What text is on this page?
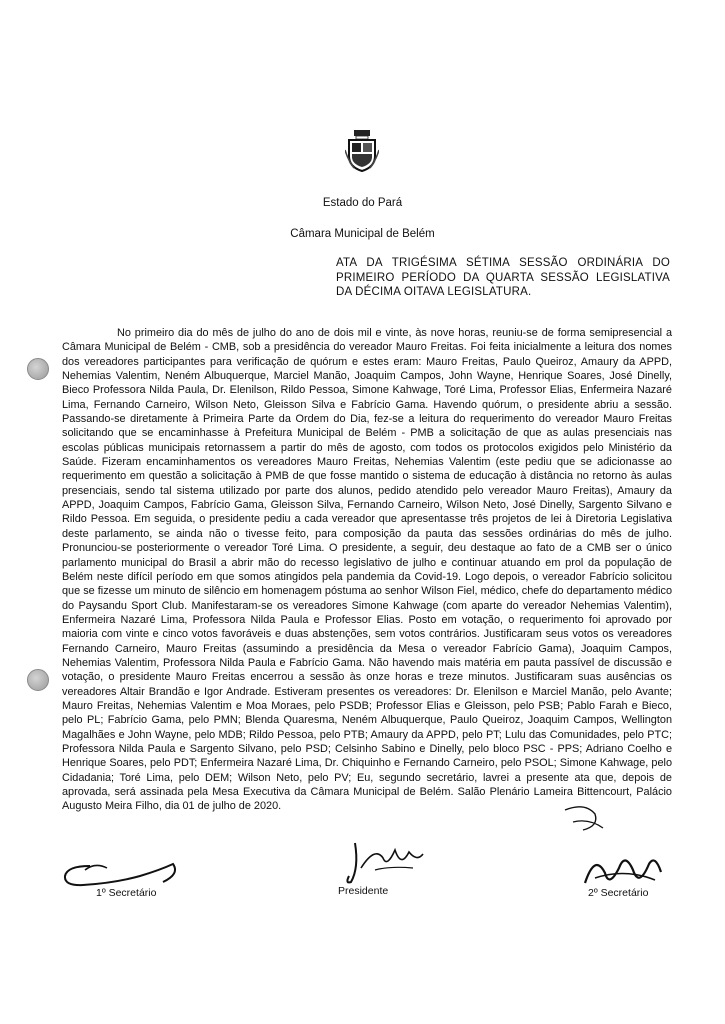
Estado do Pará
Câmara Municipal de Belém
ATA DA TRIGÉSIMA SÉTIMA SESSÃO ORDINÁRIA DO PRIMEIRO PERÍODO DA QUARTA SESSÃO LEGISLATIVA DA DÉCIMA OITAVA LEGISLATURA.

No primeiro dia do mês de julho do ano de dois mil e vinte, às nove horas, reuniu-se de forma semipresencial a Câmara Municipal de Belém - CMB, sob a presidência do vereador Mauro Freitas. Foi feita inicialmente a leitura dos nomes dos vereadores participantes para verificação de quórum e estes eram: Mauro Freitas, Paulo Queiroz, Amaury da APPD, Nehemias Valentim, Neném Albuquerque, Marciel Manão, Joaquim Campos, John Wayne, Henrique Soares, José Dinelly, Bieco Professora Nilda Paula, Dr. Elenilson, Rildo Pessoa, Simone Kahwage, Toré Lima, Professor Elias, Enfermeira Nazaré Lima, Fernando Carneiro, Wilson Neto, Gleisson Silva e Fabrício Gama. Havendo quórum, o presidente abriu a sessão. Passando-se diretamente à Primeira Parte da Ordem do Dia, fez-se a leitura do requerimento do vereador Mauro Freitas solicitando que se encaminhasse à Prefeitura Municipal de Belém - PMB a solicitação de que as aulas presenciais nas escolas públicas municipais retornassem a partir do mês de agosto, com todos os protocolos exigidos pelo Ministério da Saúde. Fizeram encaminhamentos os vereadores Mauro Freitas, Nehemias Valentim (este pediu que se adicionasse ao requerimento em questão a solicitação à PMB de que fosse mantido o sistema de educação à distância no retorno às aulas presenciais, sendo tal sistema utilizado por parte dos alunos, pedido atendido pelo vereador Mauro Freitas), Amaury da APPD, Joaquim Campos, Fabrício Gama, Gleisson Silva, Fernando Carneiro, Wilson Neto, José Dinelly, Sargento Silvano e Rildo Pessoa. Em seguida, o presidente pediu a cada vereador que apresentasse três projetos de lei à Diretoria Legislativa deste parlamento, se ainda não o tivesse feito, para composição da pauta das sessões ordinárias do mês de julho. Pronunciou-se posteriormente o vereador Toré Lima. O presidente, a seguir, deu destaque ao fato de a CMB ser o único parlamento municipal do Brasil a abrir mão do recesso legislativo de julho e continuar atuando em prol da população de Belém neste difícil período em que somos atingidos pela pandemia da Covid-19. Logo depois, o vereador Fabrício solicitou que se fizesse um minuto de silêncio em homenagem póstuma ao senhor Wilson Fiel, médico, chefe do departamento médico do Paysandu Sport Club. Manifestaram-se os vereadores Simone Kahwage (com aparte do vereador Nehemias Valentim), Enfermeira Nazaré Lima, Professora Nilda Paula e Professor Elias. Posto em votação, o requerimento foi aprovado por maioria com vinte e cinco votos favoráveis e duas abstenções, sem votos contrários. Justificaram seus votos os vereadores Fernando Carneiro, Mauro Freitas (assumindo a presidência da Mesa o vereador Fabrício Gama), Joaquim Campos, Nehemias Valentim, Professora Nilda Paula e Fabrício Gama. Não havendo mais matéria em pauta passível de discussão e votação, o presidente Mauro Freitas encerrou a sessão às onze horas e treze minutos. Justificaram suas ausências os vereadores Altair Brandão e Igor Andrade. Estiveram presentes os vereadores: Dr. Elenilson e Marciel Manão, pelo Avante; Mauro Freitas, Nehemias Valentim e Moa Moraes, pelo PSDB; Professor Elias e Gleisson, pelo PSB; Pablo Farah e Bieco, pelo PL; Fabrício Gama, pelo PMN; Blenda Quaresma, Neném Albuquerque, Paulo Queiroz, Joaquim Campos, Wellington Magalhães e John Wayne, pelo MDB; Rildo Pessoa, pelo PTB; Amaury da APPD, pelo PT; Lulu das Comunidades, pelo PTC; Professora Nilda Paula e Sargento Silvano, pelo PSD; Celsinho Sabino e Dinelly, pelo bloco PSC - PPS; Adriano Coelho e Henrique Soares, pelo PDT; Enfermeira Nazaré Lima, Dr. Chiquinho e Fernando Carneiro, pelo PSOL; Simone Kahwage, pelo Cidadania; Toré Lima, pelo DEM; Wilson Neto, pelo PV; Eu, segundo secretário, lavrei a presente ata que, depois de aprovada, será assinada pela Mesa Executiva da Câmara Municipal de Belém. Salão Plenário Lameira Bittencourt, Palácio Augusto Meira Filho, dia 01 de julho de 2020.

1º Secretário	Presidente	2º Secretário
